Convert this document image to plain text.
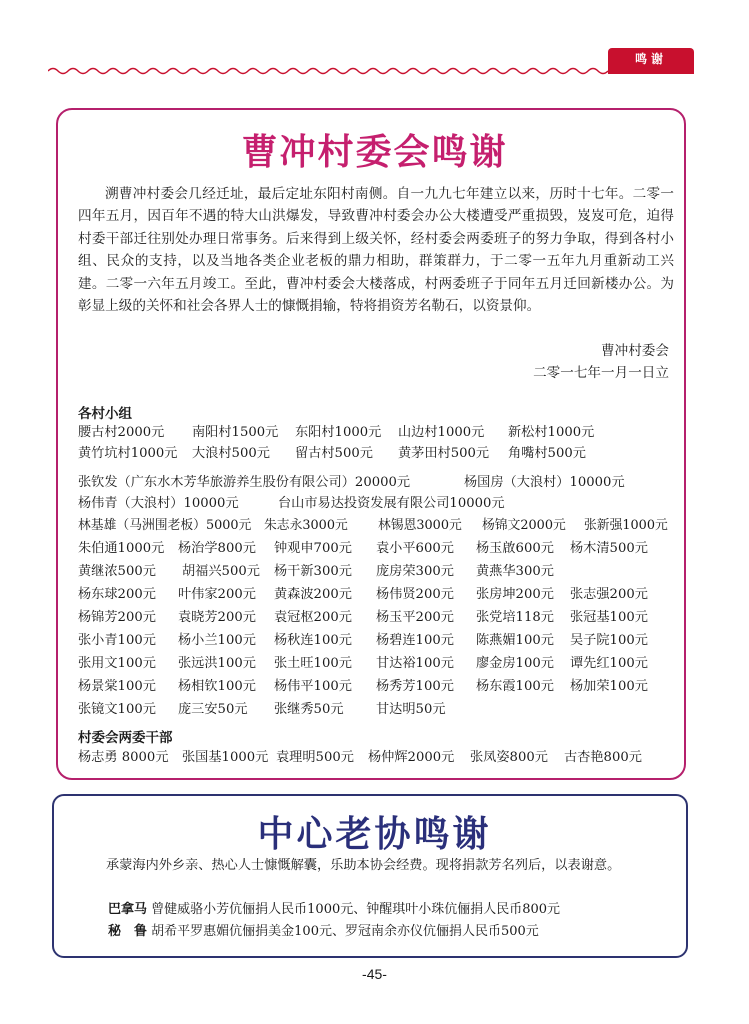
鸣谢
曹冲村委会鸣谢

溯曹冲村委会几经迁址，最后定址东阳村南侧。自一九九七年建立以来，历时十七年。二零一四年五月，因百年不遇的特大山洪爆发，导致曹冲村委会办公大楼遭受严重损毁，岌岌可危，迫得村委干部迁往别处办理日常事务。后来得到上级关怀，经村委会两委班子的努力争取，得到各村小组、民众的支持，以及当地各类企业老板的鼎力相助，群策群力，于二零一五年九月重新动工兴建。二零一六年五月竣工。至此，曹冲村委会大楼落成，村两委班子于同年五月迁回新楼办公。为彰显上级的关怀和社会各界人士的慷慨捐输，特将捐资芳名勒石，以资景仰。

曹冲村委会
二零一七年一月一日立
各村小组
腰古村2000元 南阳村1500元 东阳村1000元 山边村1000元 新松村1000元
黄竹坑村1000元 大浪村500元 留古村500元 黄茅田村500元 角嘴村500元
张钦发（广东水木芳华旅游养生股份有限公司）20000元	杨国房（大浪村）10000元
杨伟青（大浪村）10000元	台山市易达投资发展有限公司10000元
林基雄（马洲围老板）5000元 朱志永3000元 林锡恩3000元 杨锦文2000元 张新强1000元
朱伯通1000元 杨治学800元 钟观申700元 袁小平600元 杨玉啟600元 杨木清500元
黄继浓500元 胡福兴500元 杨干新300元 庞房荣300元 黄燕华300元
杨东球200元 叶伟家200元 黄森波200元 杨伟贤200元 张房坤200元 张志强200元
杨锦芳200元 袁晓芳200元 袁冠枢200元 杨玉平200元 张党培118元 张冠基100元
张小青100元 杨小兰100元 杨秋连100元 杨碧连100元 陈燕媚100元 吴子院100元
张用文100元 张远洪100元 张土旺100元 甘达裕100元 廖金房100元 谭先红100元
杨景棠100元 杨相钦100元 杨伟平100元 杨秀芳100元 杨东霞100元 杨加荣100元
张镜文100元 庞三安50元 张继秀50元 甘达明50元
村委会两委干部
杨志勇 8000元 张国基1000元 袁理明500元 杨仲辉2000元 张凤姿800元 古杏艳800元
中心老协鸣谢

承蒙海内外乡亲、热心人士慷慨解囊，乐助本协会经费。现将捐款芳名列后，以表谢意。

巴拿马 曾健威骆小芳伉俪捐人民币1000元、钟醒琪叶小珠伉俪捐人民币800元
秘　鲁 胡希平罗惠媚伉俪捐美金100元、罗冠南余亦仪伉俪捐人民币500元
-45-
